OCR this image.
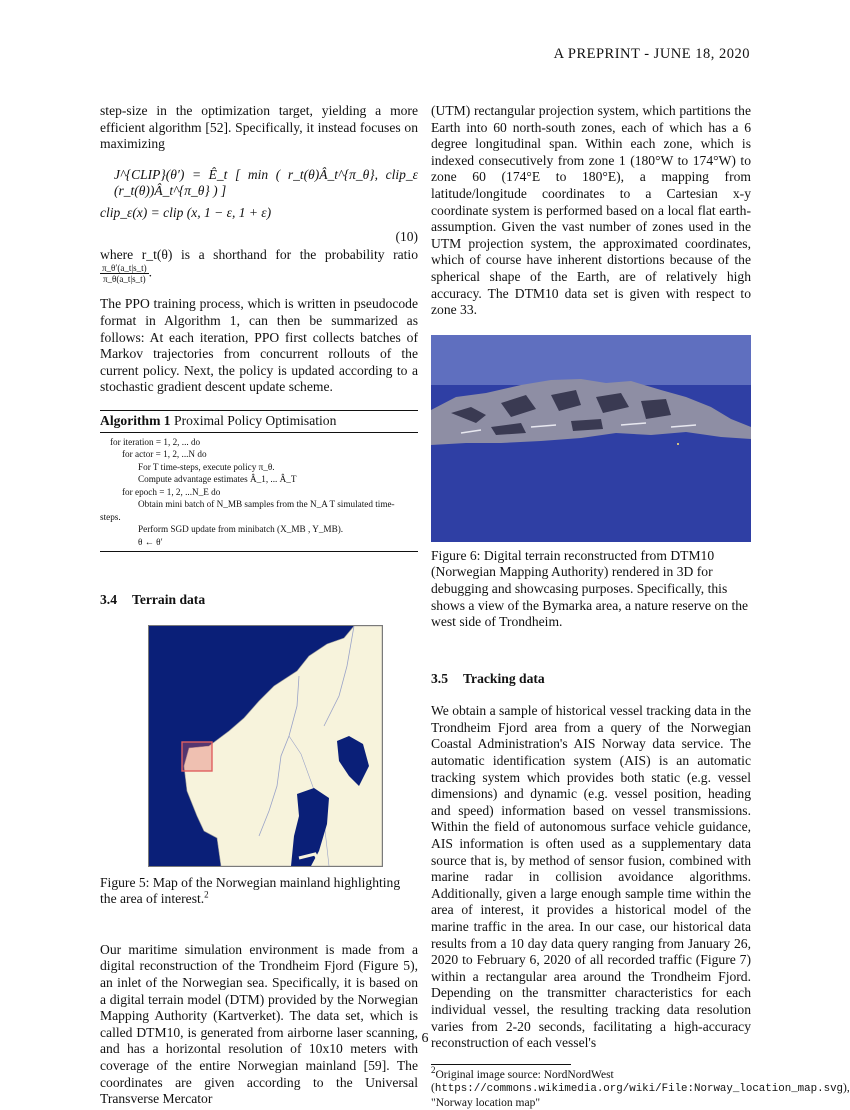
A PREPRINT - JUNE 18, 2020

step-size in the optimization target, yielding a more efficient algorithm [52]. Specifically, it instead focuses on maximizing

J^{CLIP}(θ′) = Ê_t [ min ( r_t(θ)Â_t^{π_θ}, clip_ε (r_t(θ))Â_t^{π_θ} ) ]
clip_ε(x) = clip (x, 1 − ε, 1 + ε)
(10)

where r_t(θ) is a shorthand for the probability ratio
$\frac{\pi\_\theta'(a\_t|s\_t)}{\pi\_\theta(a\_t|s\_t)}$ .

The PPO training process, which is written in pseudocode format in Algorithm 1, can then be summarized as follows: At each iteration, PPO first collects batches of Markov trajectories from concurrent rollouts of the current policy. Next, the policy is updated according to a stochastic gradient descent update scheme.

Algorithm 1 Proximal Policy Optimisation
for iteration = 1, 2, ... do
for actor = 1, 2, ...N do
For T time-steps, execute policy π_θ.
Compute advantage estimates Â_1, ... Â_T
for epoch = 1, 2, ...N_E do
Obtain mini batch of N_MB samples from the N_A T simulated time-
steps.
Perform SGD update from minibatch (X_MB , Y_MB).
θ ← θ′

3.4 Terrain data

Figure 5: Map of the Norwegian mainland highlighting the area of interest.$^2$

Our maritime simulation environment is made from a digital reconstruction of the Trondheim Fjord (Figure 5), an inlet of the Norwegian sea. Specifically, it is based on a digital terrain model (DTM) provided by the Norwegian Mapping Authority (Kartverket). The data set, which is called DTM10, is generated from airborne laser scanning, and has a horizontal resolution of 10x10 meters with coverage of the entire Norwegian mainland [59]. The coordinates are given according to the Universal Transverse Mercator

(UTM) rectangular projection system, which partitions the Earth into 60 north-south zones, each of which has a 6 degree longitudinal span. Within each zone, which is indexed consecutively from zone 1 (180°W to 174°W) to zone 60 (174°E to 180°E), a mapping from latitude/longitude coordinates to a Cartesian x-y coordinate system is performed based on a local flat earth-assumption. Given the vast number of zones used in the UTM projection system, the approximated coordinates, which of course have inherent distortions because of the spherical shape of the Earth, are of relatively high accuracy. The DTM10 data set is given with respect to zone 33.

Figure 6: Digital terrain reconstructed from DTM10 (Norwegian Mapping Authority) rendered in 3D for debugging and showcasing purposes. Specifically, this shows a view of the Bymarka area, a nature reserve on the west side of Trondheim.

3.5 Tracking data

We obtain a sample of historical vessel tracking data in the Trondheim Fjord area from a query of the Norwegian Coastal Administration's AIS Norway data service. The automatic identification system (AIS) is an automatic tracking system which provides both static (e.g. vessel dimensions) and dynamic (e.g. vessel position, heading and speed) information based on vessel transmissions. Within the field of autonomous surface vehicle guidance, AIS information is often used as a supplementary data source that is, by method of sensor fusion, combined with marine radar in collision avoidance algorithms. Additionally, given a large enough sample time within the area of interest, it provides a historical model of the marine traffic in the area. In our case, our historical data results from a 10 day data query ranging from January 26, 2020 to February 6, 2020 of all recorded traffic (Figure 7) within a rectangular area around the Trondheim Fjord. Depending on the transmitter characteristics for each individual vessel, the resulting tracking data resolution varies from 2-20 seconds, facilitating a high-accuracy reconstruction of each vessel's

$^2$Original image source: NordNordWest (https://commons.wikimedia.org/wiki/File:Norway_location_map.svg), "Norway location map"
6
